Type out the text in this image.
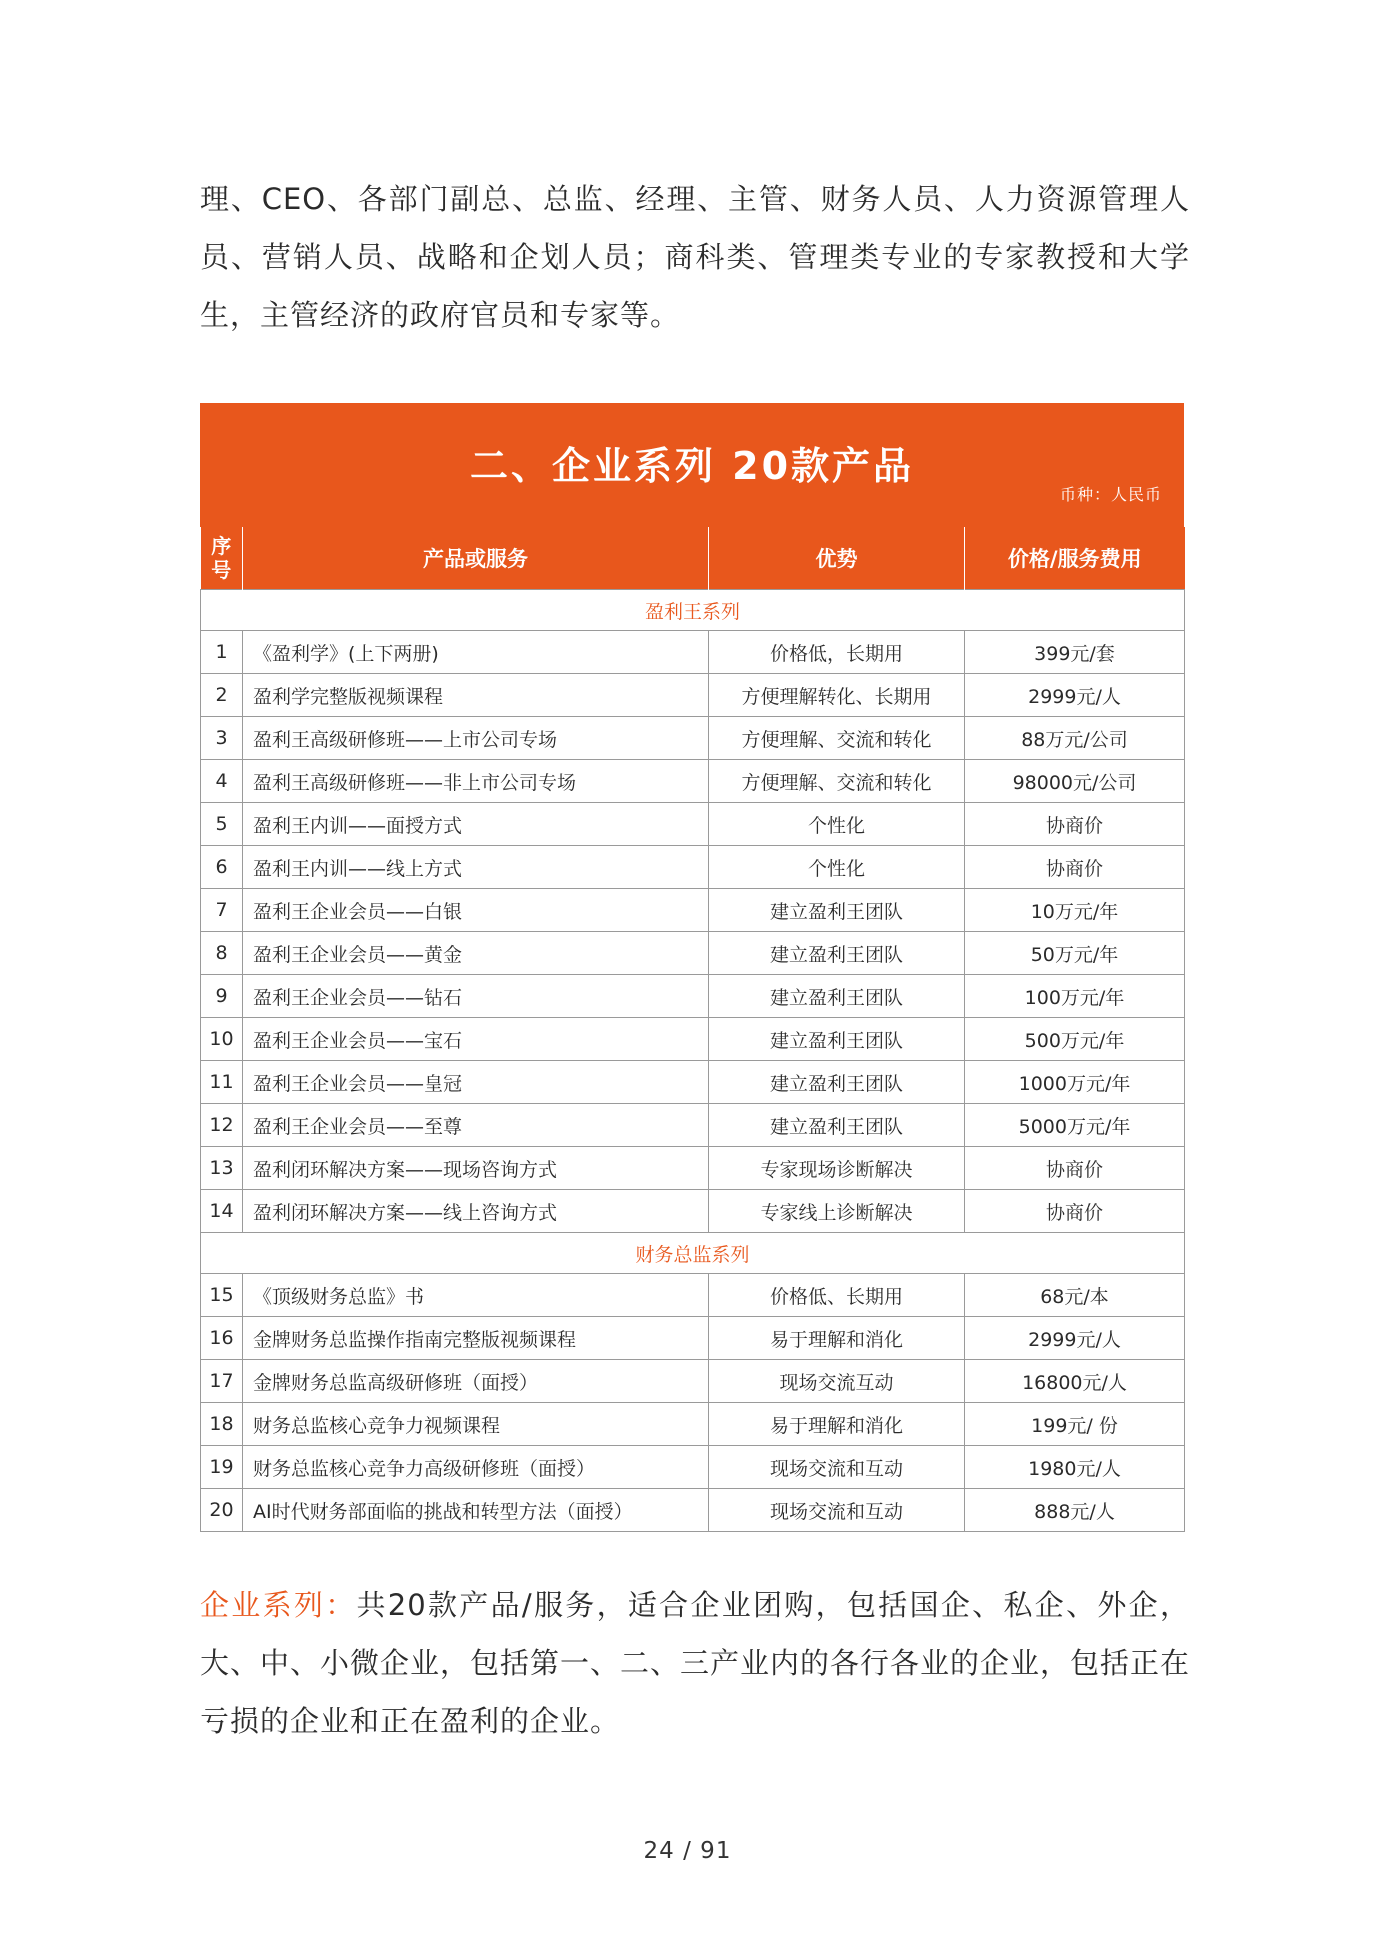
理、CEO、各部门副总、总监、经理、主管、财务人员、人力资源管理人员、营销人员、战略和企划人员；商科类、管理类专业的专家教授和大学生，主管经济的政府官员和专家等。

二、企业系列 20款产品
币种：人民币
序号	产品或服务	优势	价格/服务费用
盈利王系列			
1	《盈利学》(上下两册)	价格低，长期用	399元/套
2	盈利学完整版视频课程	方便理解转化、长期用	2999元/人
3	盈利王高级研修班——上市公司专场	方便理解、交流和转化	88万元/公司
4	盈利王高级研修班——非上市公司专场	方便理解、交流和转化	98000元/公司
5	盈利王内训——面授方式	个性化	协商价
6	盈利王内训——线上方式	个性化	协商价
7	盈利王企业会员——白银	建立盈利王团队	10万元/年
8	盈利王企业会员——黄金	建立盈利王团队	50万元/年
9	盈利王企业会员——钻石	建立盈利王团队	100万元/年
10	盈利王企业会员——宝石	建立盈利王团队	500万元/年
11	盈利王企业会员——皇冠	建立盈利王团队	1000万元/年
12	盈利王企业会员——至尊	建立盈利王团队	5000万元/年
13	盈利闭环解决方案——现场咨询方式	专家现场诊断解决	协商价
14	盈利闭环解决方案——线上咨询方式	专家线上诊断解决	协商价
财务总监系列			
15	《顶级财务总监》书	价格低、长期用	68元/本
16	金牌财务总监操作指南完整版视频课程	易于理解和消化	2999元/人
17	金牌财务总监高级研修班（面授）	现场交流互动	16800元/人
18	财务总监核心竞争力视频课程	易于理解和消化	199元/ 份
19	财务总监核心竞争力高级研修班（面授）	现场交流和互动	1980元/人
20	AI时代财务部面临的挑战和转型方法（面授）	现场交流和互动	888元/人

企业系列：共20款产品/服务，适合企业团购，包括国企、私企、外企，大、中、小微企业，包括第一、二、三产业内的各行各业的企业，包括正在亏损的企业和正在盈利的企业。

24 / 91
